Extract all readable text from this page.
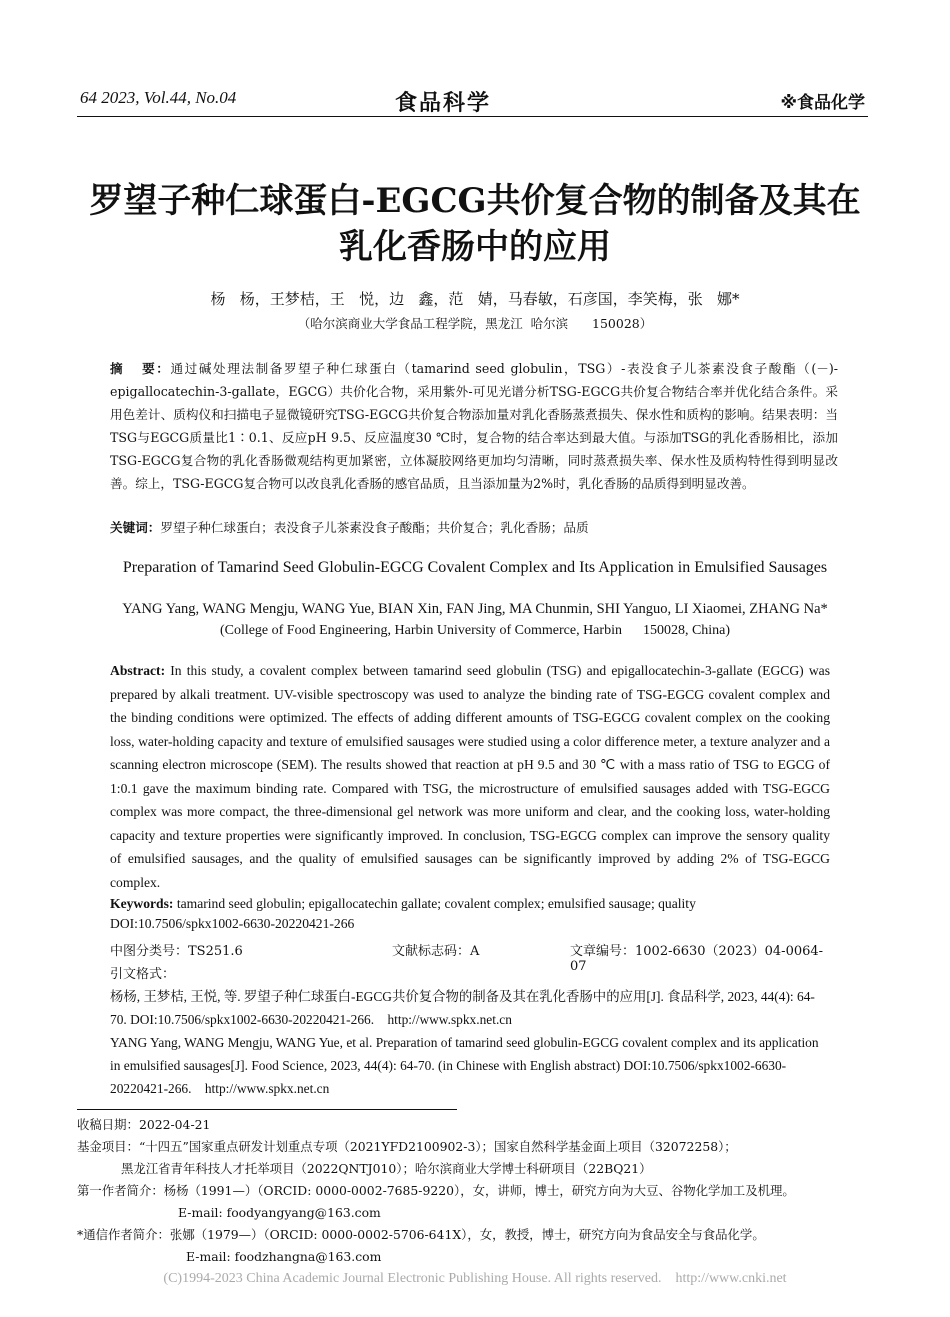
64 2023, Vol.44, No.04	食品科学	※食品化学
罗望子种仁球蛋白-EGCG共价复合物的制备及其在
乳化香肠中的应用
杨   杨，王梦桔，王   悦，边   鑫，范   婧，马春敏，石彦国，李笑梅，张   娜*
（哈尔滨商业大学食品工程学院，黑龙江  哈尔滨      150028）
摘   要：通过碱处理法制备罗望子种仁球蛋白（tamarind seed globulin，TSG）-表没食子儿茶素没食子酸酯（(－)-epigallocatechin-3-gallate，EGCG）共价化合物，采用紫外-可见光谱分析TSG-EGCG共价复合物结合率并优化结合条件。采用色差计、质构仪和扫描电子显微镜研究TSG-EGCG共价复合物添加量对乳化香肠蒸煮损失、保水性和质构的影响。结果表明：当TSG与EGCG质量比1∶0.1、反应pH 9.5、反应温度30 ℃时，复合物的结合率达到最大值。与添加TSG的乳化香肠相比，添加TSG-EGCG复合物的乳化香肠微观结构更加紧密，立体凝胶网络更加均匀清晰，同时蒸煮损失率、保水性及质构特性得到明显改善。综上，TSG-EGCG复合物可以改良乳化香肠的感官品质，且当添加量为2%时，乳化香肠的品质得到明显改善。
关键词：罗望子种仁球蛋白；表没食子儿茶素没食子酸酯；共价复合；乳化香肠；品质
Preparation of Tamarind Seed Globulin-EGCG Covalent Complex and Its Application in Emulsified Sausages
YANG Yang, WANG Mengju, WANG Yue, BIAN Xin, FAN Jing, MA Chunmin, SHI Yanguo, LI Xiaomei, ZHANG Na*
(College of Food Engineering, Harbin University of Commerce, Harbin      150028, China)
Abstract: In this study, a covalent complex between tamarind seed globulin (TSG) and epigallocatechin-3-gallate (EGCG) was prepared by alkali treatment. UV-visible spectroscopy was used to analyze the binding rate of TSG-EGCG covalent complex and the binding conditions were optimized. The effects of adding different amounts of TSG-EGCG covalent complex on the cooking loss, water-holding capacity and texture of emulsified sausages were studied using a color difference meter, a texture analyzer and a scanning electron microscope (SEM). The results showed that reaction at pH 9.5 and 30 ℃ with a mass ratio of TSG to EGCG of 1:0.1 gave the maximum binding rate. Compared with TSG, the microstructure of emulsified sausages added with TSG-EGCG complex was more compact, the three-dimensional gel network was more uniform and clear, and the cooking loss, water-holding capacity and texture properties were significantly improved. In conclusion, TSG-EGCG complex can improve the sensory quality of emulsified sausages, and the quality of emulsified sausages can be significantly improved by adding 2% of TSG-EGCG complex.
Keywords: tamarind seed globulin; epigallocatechin gallate; covalent complex; emulsified sausage; quality
DOI:10.7506/spkx1002-6630-20220421-266
中图分类号：TS251.6	文献标志码：A	文章编号：1002-6630（2023）04-0064-07
引文格式：
杨杨, 王梦桔, 王悦, 等. 罗望子种仁球蛋白-EGCG共价复合物的制备及其在乳化香肠中的应用[J]. 食品科学, 2023, 44(4): 64-70. DOI:10.7506/spkx1002-6630-20220421-266.    http://www.spkx.net.cn
YANG Yang, WANG Mengju, WANG Yue, et al. Preparation of tamarind seed globulin-EGCG covalent complex and its application in emulsified sausages[J]. Food Science, 2023, 44(4): 64-70. (in Chinese with English abstract) DOI:10.7506/spkx1002-6630-20220421-266.    http://www.spkx.net.cn
收稿日期：2022-04-21
基金项目：“十四五”国家重点研发计划重点专项（2021YFD2100902-3）；国家自然科学基金面上项目（32072258）；
黑龙江省青年科技人才托举项目（2022QNTJ010）；哈尔滨商业大学博士科研项目（22BQ21）
第一作者简介：杨杨（1991—）（ORCID: 0000-0002-7685-9220），女，讲师，博士，研究方向为大豆、谷物化学加工及机理。
E-mail: foodyangyang@163.com
*通信作者简介：张娜（1979—）（ORCID: 0000-0002-5706-641X），女，教授，博士，研究方向为食品安全与食品化学。
E-mail: foodzhangna@163.com
(C)1994-2023 China Academic Journal Electronic Publishing House. All rights reserved.    http://www.cnki.net
